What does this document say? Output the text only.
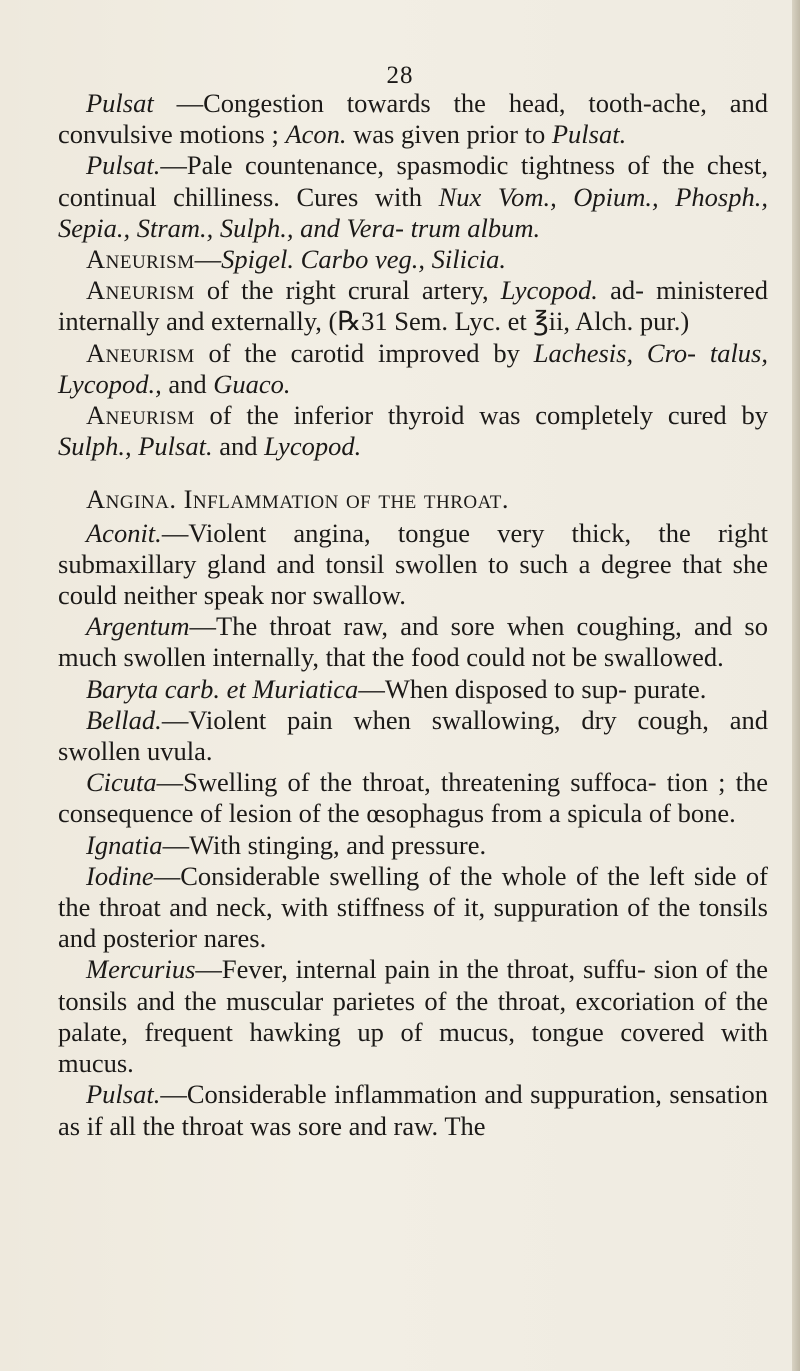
28

Pulsat —Congestion towards the head, tooth-ache, and convulsive motions ; Acon. was given prior to Pulsat.

Pulsat.—Pale countenance, spasmodic tightness of the chest, continual chilliness. Cures with Nux Vom., Opium., Phosph., Sepia., Stram., Sulph., and Vera- trum album.

Aneurism—Spigel. Carbo veg., Silicia.

Aneurism of the right crural artery, Lycopod. ad- ministered internally and externally, (℞31 Sem. Lyc. et ℥ii, Alch. pur.)

Aneurism of the carotid improved by Lachesis, Cro- talus, Lycopod., and Guaco.

Aneurism of the inferior thyroid was completely cured by Sulph., Pulsat. and Lycopod.

Angina. Inflammation of the throat.

Aconit.—Violent angina, tongue very thick, the right submaxillary gland and tonsil swollen to such a degree that she could neither speak nor swallow.

Argentum—The throat raw, and sore when coughing, and so much swollen internally, that the food could not be swallowed.

Baryta carb. et Muriatica—When disposed to sup- purate.

Bellad.—Violent pain when swallowing, dry cough, and swollen uvula.

Cicuta—Swelling of the throat, threatening suffoca- tion ; the consequence of lesion of the œsophagus from a spicula of bone.

Ignatia—With stinging, and pressure.

Iodine—Considerable swelling of the whole of the left side of the throat and neck, with stiffness of it, suppuration of the tonsils and posterior nares.

Mercurius—Fever, internal pain in the throat, suffu- sion of the tonsils and the muscular parietes of the throat, excoriation of the palate, frequent hawking up of mucus, tongue covered with mucus.

Pulsat.—Considerable inflammation and suppuration, sensation as if all the throat was sore and raw. The
